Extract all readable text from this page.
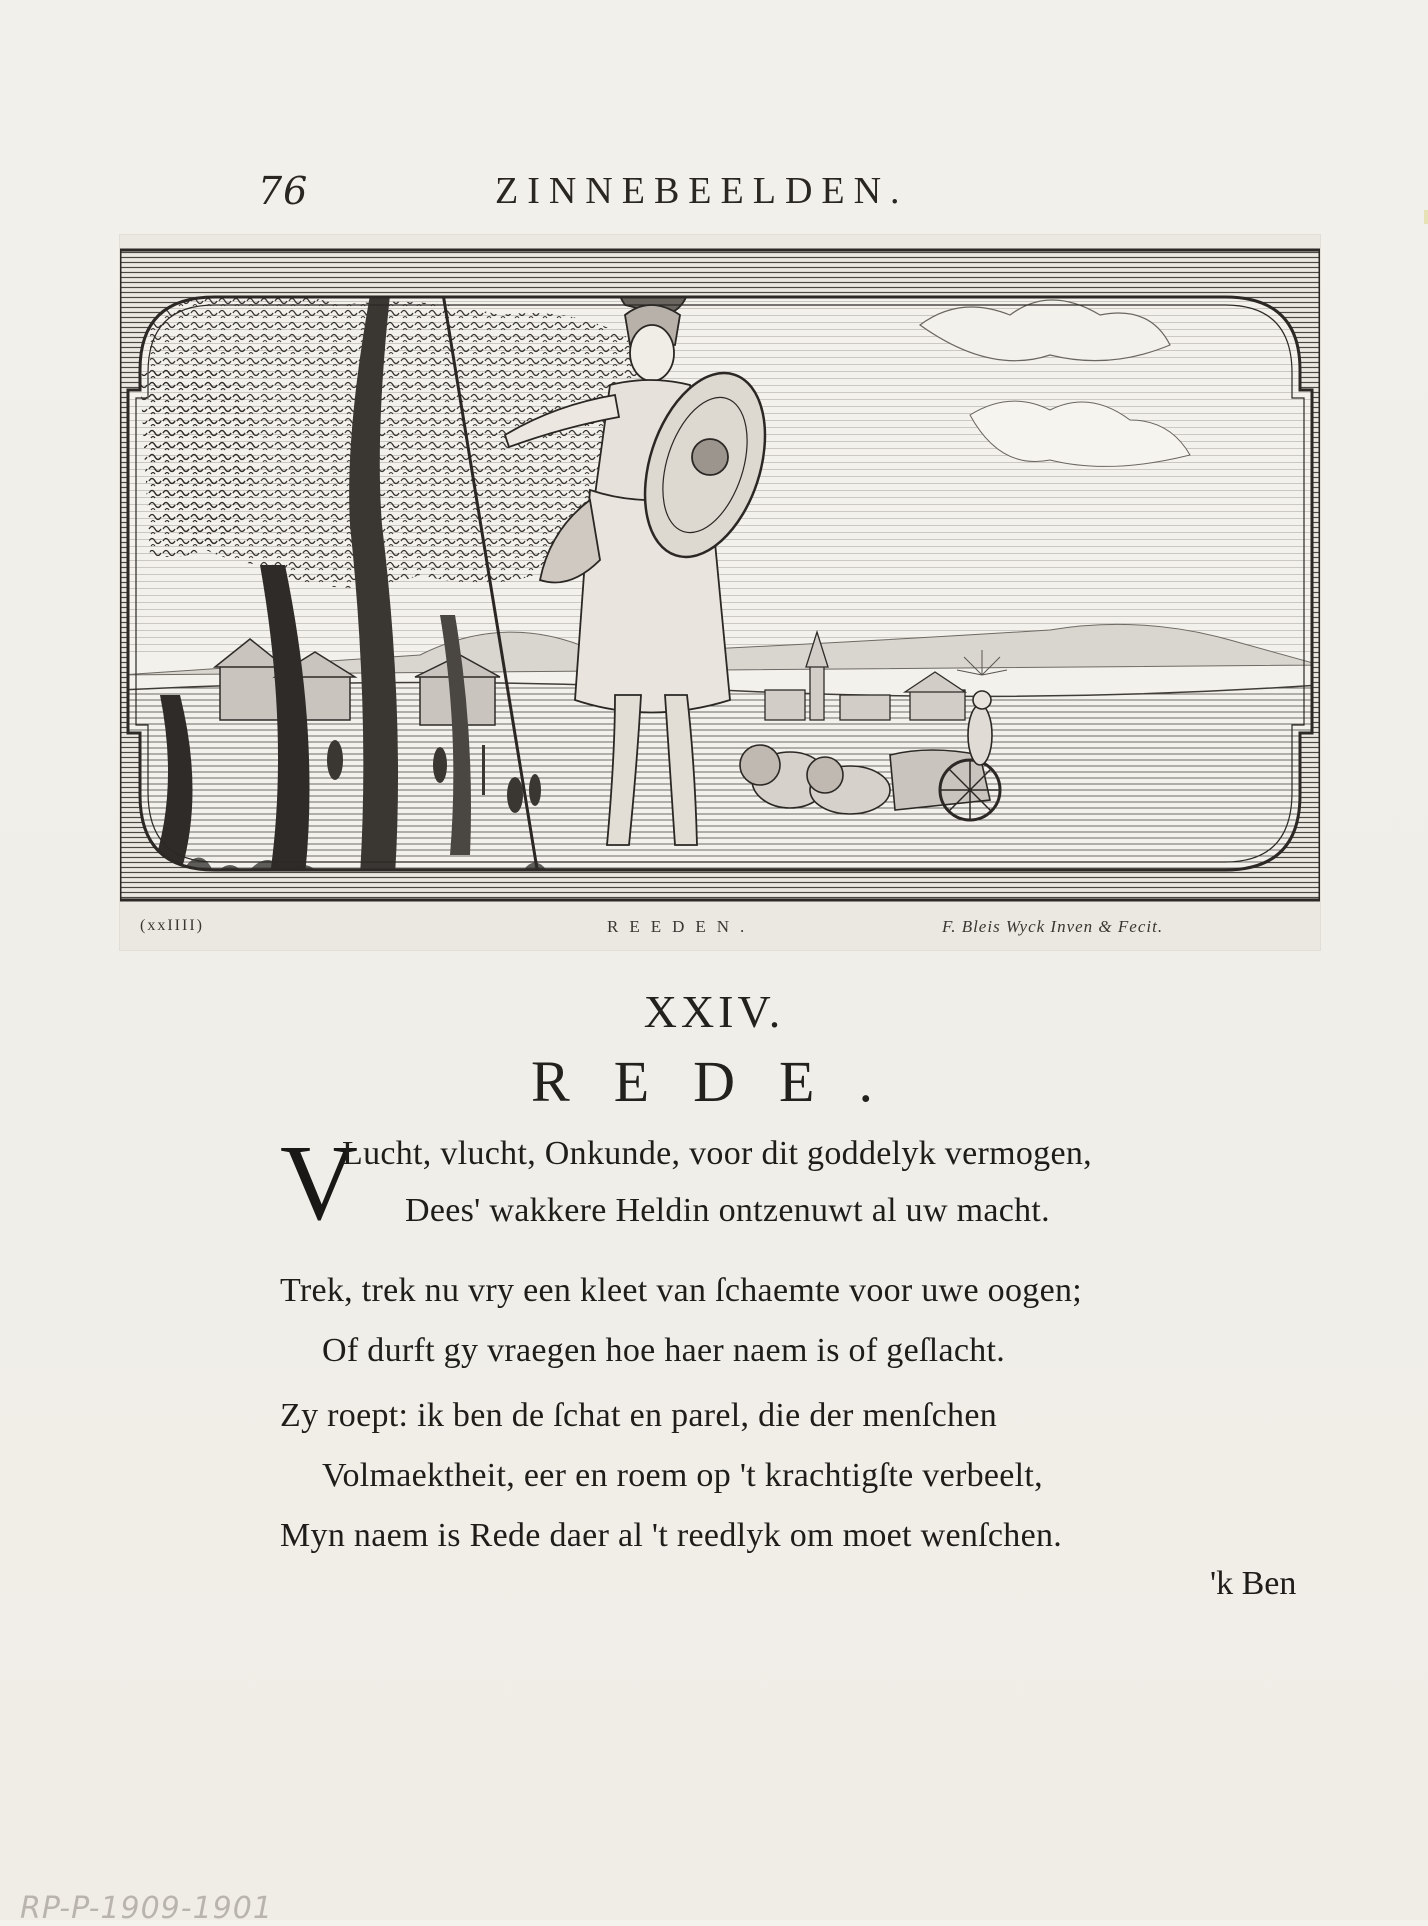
76	ZINNEBEELDEN.
(xxIIII)	REEDEN.	F. Bleis Wyck Inven & Fecit.
XXIV.
REDE.
V
Lucht, vlucht, Onkunde, voor dit goddelyk vermogen,
Dees' wakkere Heldin ontzenuwt al uw macht.
Trek, trek nu vry een kleet van ſchaemte voor uwe oogen;
Of durft gy vraegen hoe haer naem is of geſlacht.
Zy roept: ik ben de ſchat en parel, die der menſchen
Volmaektheit, eer en roem op 't krachtigſte verbeelt,
Myn naem is Rede daer al 't reedlyk om moet wenſchen.
'k Ben
RP-P-1909-1901
